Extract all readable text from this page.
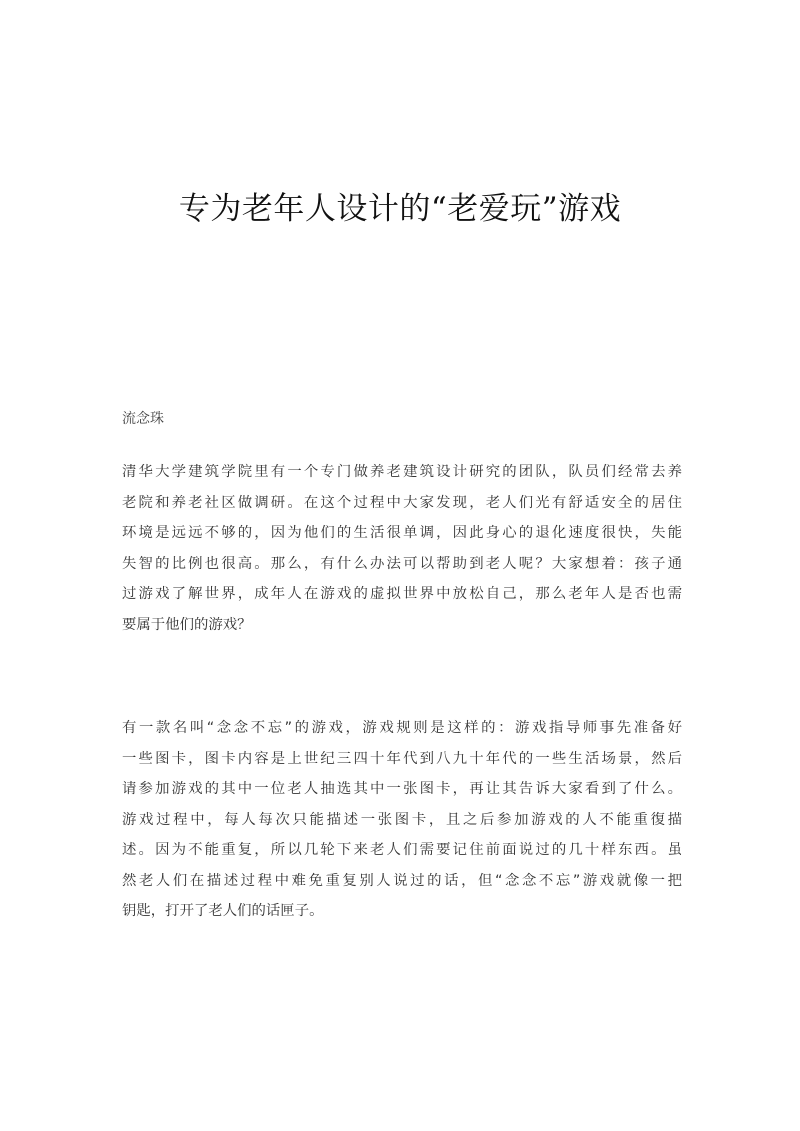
专为老年人设计的“老爱玩”游戏

流念珠

清华大学建筑学院里有一个专门做养老建筑设计研究的团队，队员们经常去养
老院和养老社区做调研。在这个过程中大家发现，老人们光有舒适安全的居住
环境是远远不够的，因为他们的生活很单调，因此身心的退化速度很快，失能
失智的比例也很高。那么，有什么办法可以帮助到老人呢？大家想着：孩子通
过游戏了解世界，成年人在游戏的虚拟世界中放松自己，那么老年人是否也需
要属于他们的游戏？
有一款名叫“念念不忘”的游戏，游戏规则是这样的：游戏指导师事先准备好
一些图卡，图卡内容是上世纪三四十年代到八九十年代的一些生活场景，然后
请参加游戏的其中一位老人抽选其中一张图卡，再让其告诉大家看到了什么。
游戏过程中，每人每次只能描述一张图卡，且之后参加游戏的人不能重復描
述。因为不能重复，所以几轮下来老人们需要记住前面说过的几十样东西。虽
然老人们在描述过程中难免重复别人说过的话，但“念念不忘”游戏就像一把
钥匙，打开了老人们的话匣子。
